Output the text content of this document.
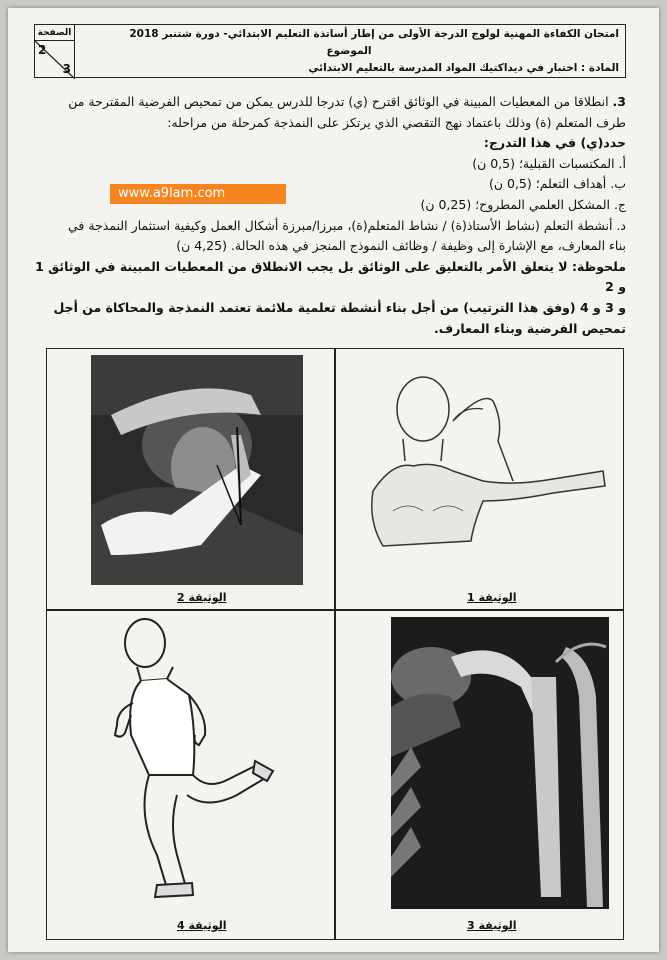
الصفحة
2
3
امتحان الكفاءة المهنية لولوج الدرجة الأولى من إطار أساتذة التعليم الابتدائي- دورة شتنبر 2018
الموضوع
المادة : اختبار في ديداكتيك المواد المدرسة بالتعليم الابتدائي
3. انطلاقا من المعطيات المبينة في الوثائق اقترح (ي) تدرجا للدرس يمكن من تمحيص الفرضية المقترحة من
طرف المتعلم (ة) وذلك باعتماد نهج التقصي الذي يرتكز على النمذجة كمرحلة من مراحله:
حدد(ي) في هذا التدرج:
أ. المكتسبات القبلية؛ (0,5 ن)
ب. أهداف التعلم؛ (0,5 ن)
ج. المشكل العلمي المطروح؛ (0,25 ن)
د. أنشطة التعلم (نشاط الأستاذ(ة) / نشاط المتعلم(ة)، مبرزا/مبرزة أشكال العمل وكيفية استثمار النمذجة في
بناء المعارف، مع الإشارة إلى وظيفة / وظائف النموذج المنجز في هذه الحالة. (4,25 ن)
ملحوظة: لا يتعلق الأمر بالتعليق على الوثائق بل يجب الانطلاق من المعطيات المبينة في الوثائق 1 و 2
و 3 و 4 (وفق هذا الترتيب) من أجل بناء أنشطة تعلمية ملائمة تعتمد النمذجة والمحاكاة من أجل
تمحيص الفرضية وبناء المعارف.
www.a9lam.com
الوثيقة 2	الوثيقة 1
الوثيقة 4	الوثيقة 3
